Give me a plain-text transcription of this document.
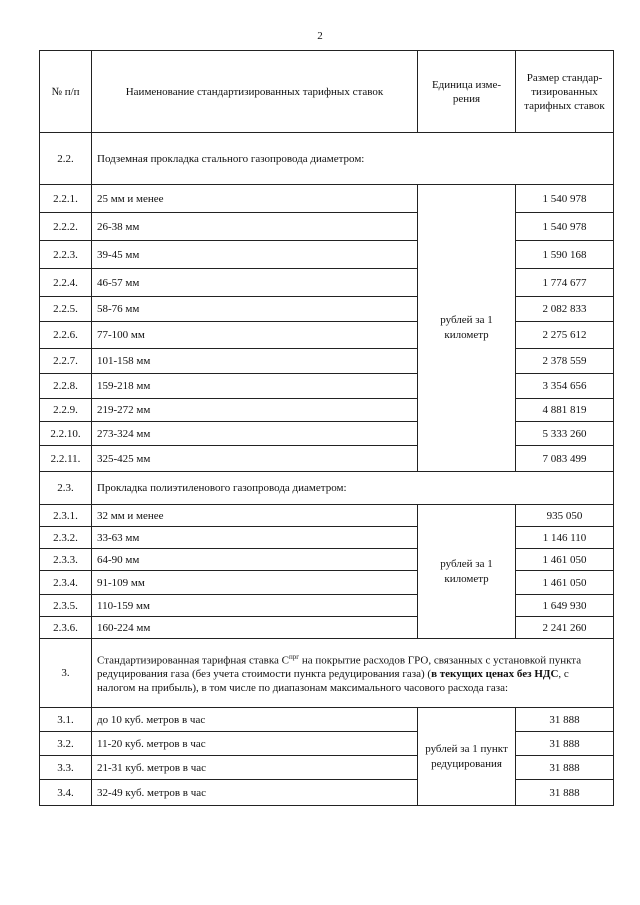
2
№ п/п	Наименование стандартизированных тарифных ставок	Единица изме-рения	Размер стандар-тизированных тарифных ставок
2.2.	Подземная прокладка стального газопровода диаметром:		
2.2.1.	25 мм и менее	рублей за 1 километр	1 540 978
2.2.2.	26-38 мм		1 540 978
2.2.3.	39-45 мм		1 590 168
2.2.4.	46-57 мм		1 774 677
2.2.5.	58-76 мм		2 082 833
2.2.6.	77-100 мм		2 275 612
2.2.7.	101-158 мм		2 378 559
2.2.8.	159-218 мм		3 354 656
2.2.9.	219-272 мм		4 881 819
2.2.10.	273-324 мм		5 333 260
2.2.11.	325-425 мм		7 083 499
2.3.	Прокладка полиэтиленового газопровода диаметром:		
2.3.1.	32 мм и менее	рублей за 1 километр	935 050
2.3.2.	33-63 мм		1 146 110
2.3.3.	64-90 мм		1 461 050
2.3.4.	91-109 мм		1 461 050
2.3.5.	110-159 мм		1 649 930
2.3.6.	160-224 мм		2 241 260
3.	Стандартизированная тарифная ставка $C^{прг}$ на покрытие расходов ГРО, связанных с установкой пункта редуцирования газа (без учета стоимости пункта редуцирования газа) (в текущих ценах без НДС, с налогом на прибыль), в том числе по диапазонам максимального часового расхода газа:		
3.1.	до 10 куб. метров в час	рублей за 1 пункт редуцирования	31 888
3.2.	11-20 куб. метров в час		31 888
3.3.	21-31 куб. метров в час		31 888
3.4.	32-49 куб. метров в час		31 888
